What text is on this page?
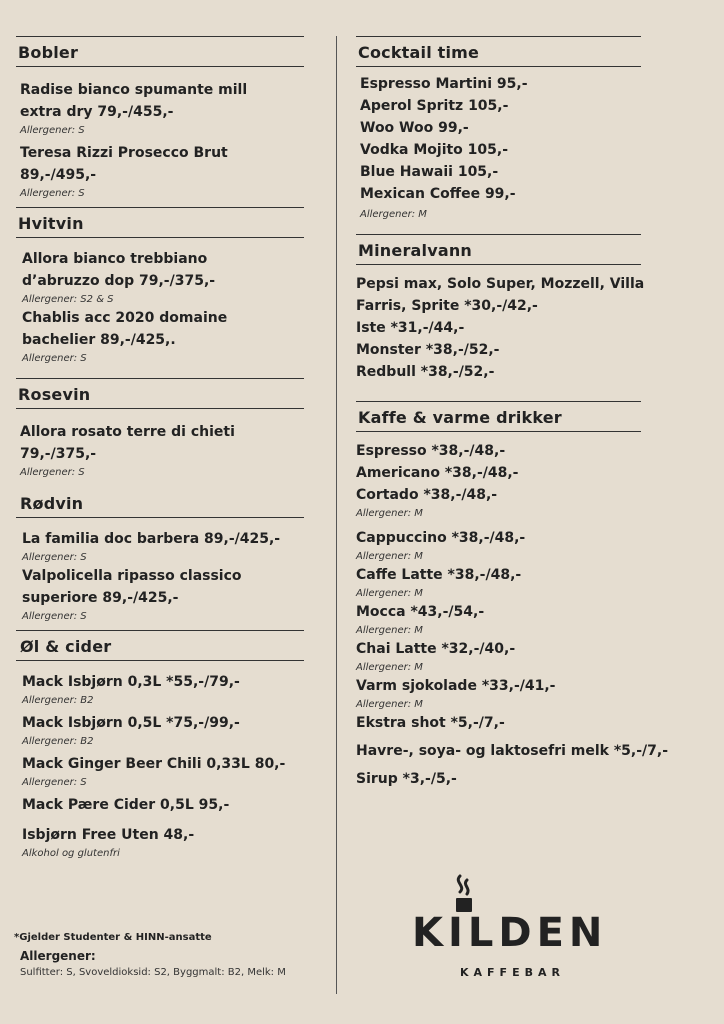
Bobler

Radise bianco spumante mill extra dry 79,-/455,-

Allergener: S

Teresa Rizzi Prosecco Brut 89,-/495,-

Allergener: S

Hvitvin

Allora bianco trebbiano d’abruzzo dop 79,-/375,-

Allergener: S2 & S

Chablis acc 2020 domaine bachelier 89,-/425,.

Allergener: S

Rosevin

Allora rosato terre di chieti 79,-/375,-

Allergener: S

Rødvin

La familia doc barbera 89,-/425,-

Allergener: S

Valpolicella ripasso classico superiore 89,-/425,-

Allergener: S

Øl & cider

Mack Isbjørn 0,3L *55,-/79,-

Allergener: B2

Mack Isbjørn 0,5L *75,-/99,-

Allergener: B2

Mack Ginger Beer Chili 0,33L 80,-

Allergener: S

Mack Pære Cider 0,5L 95,-

Isbjørn Free Uten 48,-

Alkohol og glutenfri

Cocktail time

Espresso Martini 95,-

Aperol Spritz 105,-

Woo Woo 99,-

Vodka Mojito 105,-

Blue Hawaii 105,-

Mexican Coffee 99,-

Allergener: M

Mineralvann

Pepsi max, Solo Super, Mozzell, Villa Farris, Sprite *30,-/42,-

Iste *31,-/44,-

Monster *38,-/52,-

Redbull *38,-/52,-

Kaffe & varme drikker

Espresso *38,-/48,-

Americano *38,-/48,-

Cortado *38,-/48,-

Allergener: M

Cappuccino *38,-/48,-

Allergener: M

Caffe Latte *38,-/48,-

Allergener: M

Mocca *43,-/54,-

Allergener: M

Chai Latte *32,-/40,-

Allergener: M

Varm sjokolade *33,-/41,-

Allergener: M

Ekstra shot *5,-/7,-

Havre-, soya- og laktosefri melk *5,-/7,-

Sirup *3,-/5,-

*Gjelder Studenter & HINN-ansatte
Allergener:
Sulfitter: S, Svoveldioksid: S2, Byggmalt: B2, Melk: M
KILDEN
KAFFEBAR
